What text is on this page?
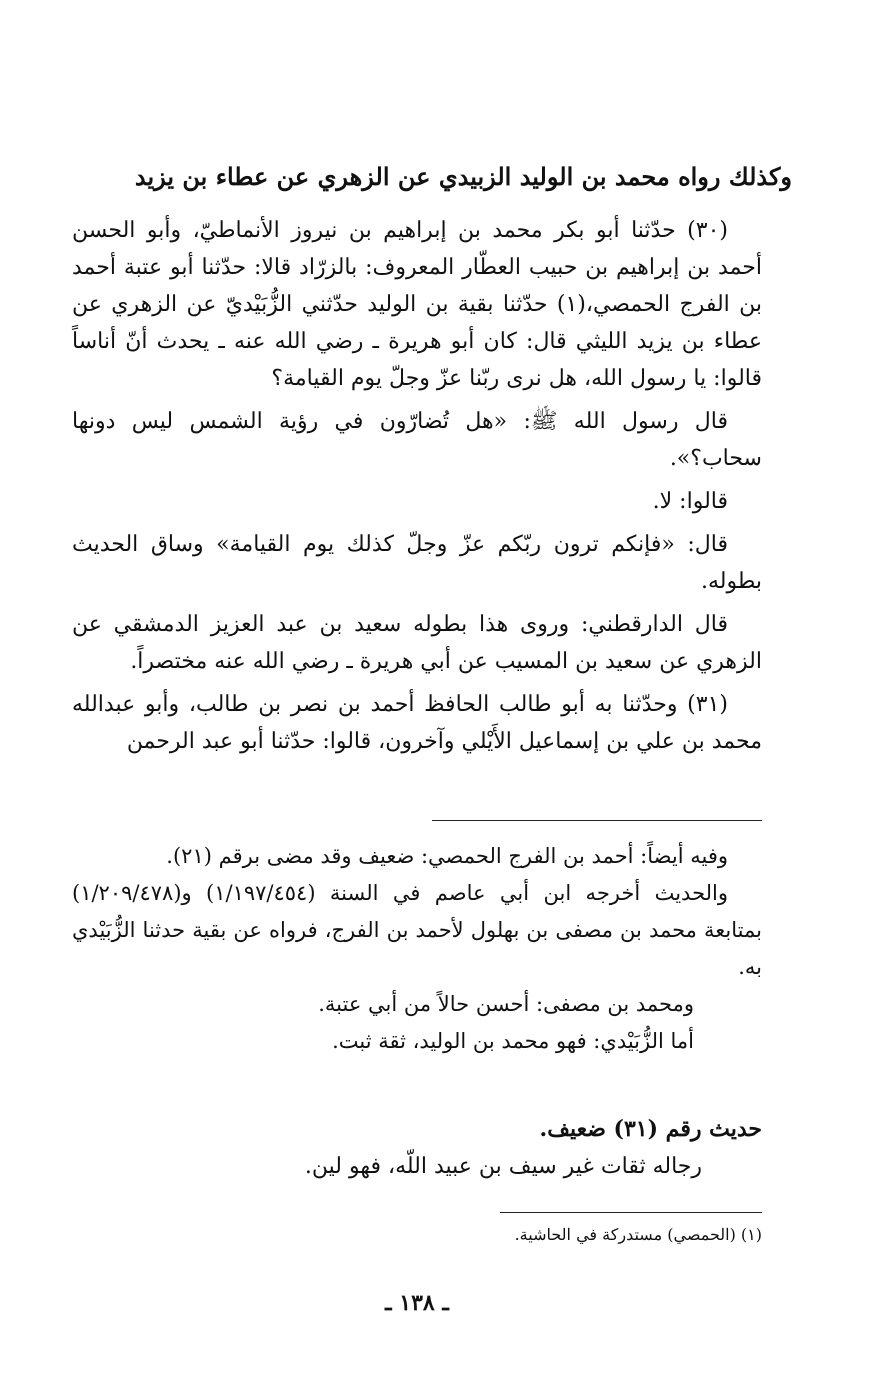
وكذلك رواه محمد بن الوليد الزبيدي عن الزهري عن عطاء بن يزيد

(٣٠) حدّثنا أبو بكر محمد بن إبراهيم بن نيروز الأنماطيّ، وأبو الحسن أحمد بن إبراهيم بن حبيب العطّار المعروف: بالزرّاد قالا: حدّثنا أبو عتبة أحمد بن الفرج الحمصي،(١) حدّثنا بقية بن الوليد حدّثني الزُّبَيْديّ عن الزهري عن عطاء بن يزيد الليثي قال: كان أبو هريرة ـ رضي الله عنه ـ يحدث أنّ أناساً قالوا: يا رسول الله، هل نرى ربّنا عزّ وجلّ يوم القيامة؟

قال رسول الله ﷺ: «هل تُضارّون في رؤية الشمس ليس دونها سحاب؟».

قالوا: لا.

قال: «فإنكم ترون ربّكم عزّ وجلّ كذلك يوم القيامة» وساق الحديث بطوله.

قال الدارقطني: وروى هذا بطوله سعيد بن عبد العزيز الدمشقي عن الزهري عن سعيد بن المسيب عن أبي هريرة ـ رضي الله عنه مختصراً.

(٣١) وحدّثنا به أبو طالب الحافظ أحمد بن نصر بن طالب، وأبو عبدالله محمد بن علي بن إسماعيل الأَيْلي وآخرون، قالوا: حدّثنا أبو عبد الرحمن

وفيه أيضاً: أحمد بن الفرج الحمصي: ضعيف وقد مضى برقم (٢١).

والحديث أخرجه ابن أبي عاصم في السنة (١/١٩٧/٤٥٤) و(١/٢٠٩/٤٧٨) بمتابعة محمد بن مصفى بن بهلول لأحمد بن الفرج، فرواه عن بقية حدثنا الزُّبَيْدي به.

ومحمد بن مصفى: أحسن حالاً من أبي عتبة.

أما الزُّبَيْدي: فهو محمد بن الوليد، ثقة ثبت.

حديث رقم (٣١) ضعيف.

رجاله ثقات غير سيف بن عبيد اللّه، فهو لين.

(١) (الحمصي) مستدركة في الحاشية.
ـ ١٣٨ ـ
